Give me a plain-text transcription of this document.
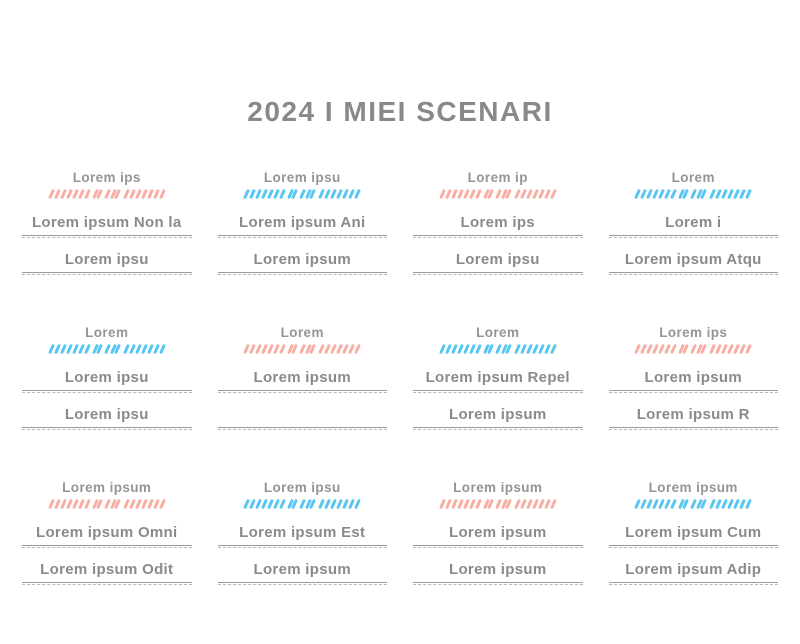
2024 I MIEI SCENARI
Lorem ips
Lorem ipsum Non la
Lorem ipsu
Lorem ipsu
Lorem ipsum Ani
Lorem ipsum
Lorem ip
Lorem ips
Lorem ipsu
Lorem
Lorem i
Lorem ipsum Atqu
Lorem
Lorem ipsu
Lorem ipsu
Lorem
Lorem ipsum
Lorem
Lorem ipsum Repel
Lorem ipsum
Lorem ips
Lorem ipsum
Lorem ipsum R
Lorem ipsum
Lorem ipsum Omni
Lorem ipsum Odit
Lorem ipsu
Lorem ipsum Est
Lorem ipsum
Lorem ipsum
Lorem ipsum
Lorem ipsum
Lorem ipsum
Lorem ipsum Cum
Lorem ipsum Adip
